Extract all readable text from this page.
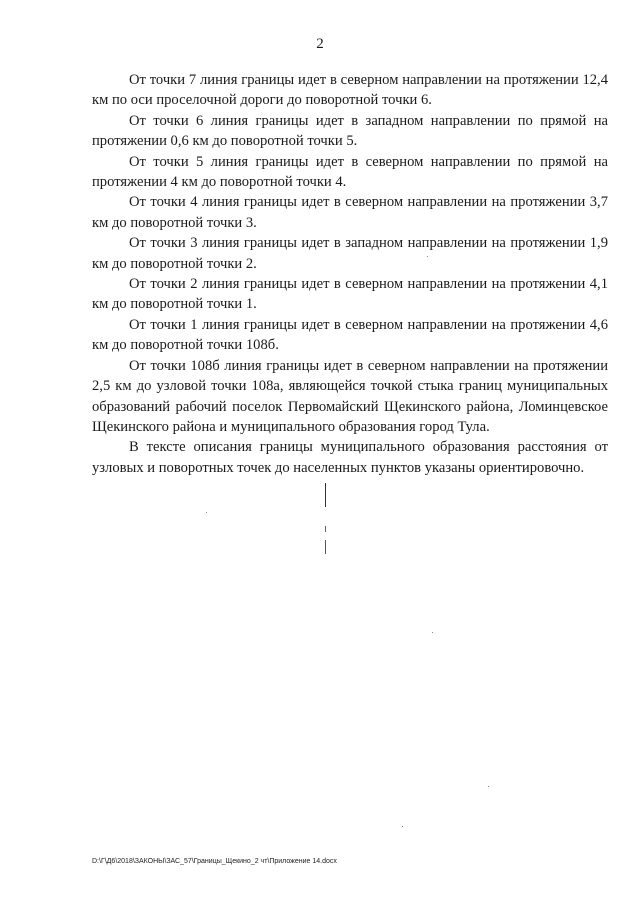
2

От точки 7 линия границы идет в северном направлении на протяжении 12,4 км по оси проселочной дороги до поворотной точки 6.

От точки 6 линия границы идет в западном направлении по прямой на протяжении 0,6 км до поворотной точки 5.

От точки 5 линия границы идет в северном направлении по прямой на протяжении 4 км до поворотной точки 4.

От точки 4 линия границы идет в северном направлении на протяжении 3,7 км до поворотной точки 3.

От точки 3 линия границы идет в западном направлении на протяжении 1,9 км до поворотной точки 2.

От точки 2 линия границы идет в северном направлении на протяжении 4,1 км до поворотной точки 1.

От точки 1 линия границы идет в северном направлении на протяжении 4,6 км до поворотной точки 108б.

От точки 108б линия границы идет в северном направлении на протяжении 2,5 км до узловой точки 108а, являющейся точкой стыка границ муниципальных образований рабочий поселок Первомайский Щекинского района, Ломинцевское Щекинского района и муниципального образования город Тула.

В тексте описания границы муниципального образования расстояния от узловых и поворотных точек до населенных пунктов указаны ориентировочно.

D:\Г\Д6\2018\ЗАКОНЫ\ЗАС_57\Границы_Щекино_2 чт\Приложение 14.docx
